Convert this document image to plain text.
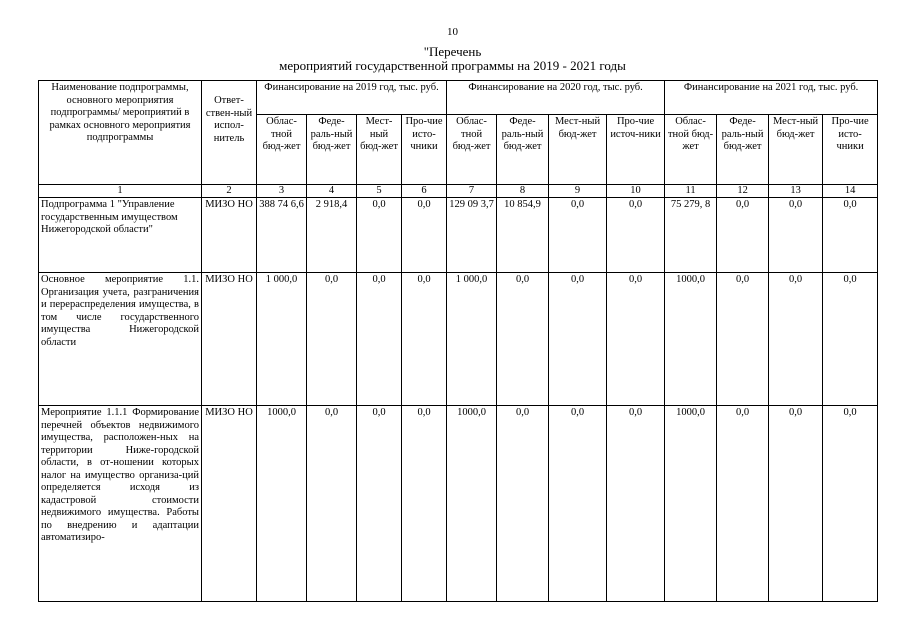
10
"Перечень
мероприятий государственной программы на 2019 - 2021 годы
Наименование подпрограммы, основного мероприятия подпрограммы/ мероприятий в рамках основного мероприятия подпрограммы	Ответ-ствен-ный испол-нитель	Финансирование на 2019 год, тыс. руб.				Финансирование на 2020 год, тыс. руб.				Финансирование на 2021 год, тыс. руб.			
		Облас-тной бюд-жет	Феде-раль-ный бюд-жет	Мест-ный бюд-жет	Про-чие исто-чники	Облас-тной бюд-жет	Феде-раль-ный бюд-жет	Мест-ный бюд-жет	Про-чие источ-ники	Облас-тной бюд-жет	Феде-раль-ный бюд-жет	Мест-ный бюд-жет	Про-чие исто-чники
1	2	3	4	5	6	7	8	9	10	11	12	13	14
Подпрограмма 1 "Управление государственным имуществом Нижегородской области"	МИЗО НО	388 74 6,6	2 918,4	0,0	0,0	129 09 3,7	10 854,9	0,0	0,0	75 279, 8	0,0	0,0	0,0
Основное мероприятие 1.1. Организация учета, разграничения и перераспределения имущества, в том числе государственного имущества Нижегородской области	МИЗО НО	1 000,0	0,0	0,0	0,0	1 000,0	0,0	0,0	0,0	1000,0	0,0	0,0	0,0
Мероприятие 1.1.1 Формирование перечней объектов недвижимого имущества, расположен-ных на территории Ниже-городской области, в от-ношении которых налог на имущество организа-ций определяется исходя из кадастровой стоимости недвижимого имущества. Работы по внедрению и адаптации автоматизиро-	МИЗО НО	1000,0	0,0	0,0	0,0	1000,0	0,0	0,0	0,0	1000,0	0,0	0,0	0,0
